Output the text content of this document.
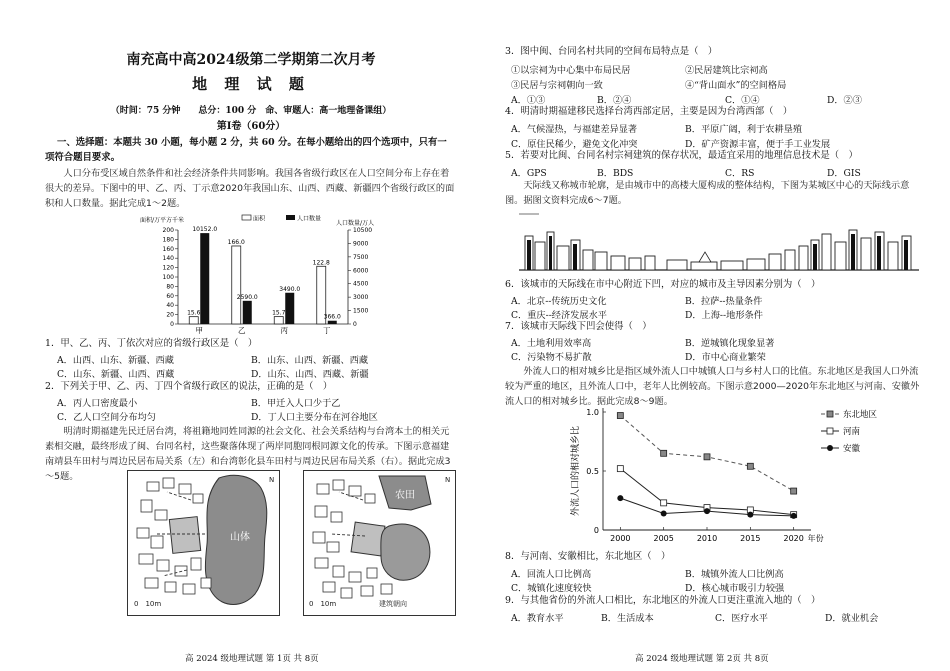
南充高中高2024级第二学期第二次月考
地 理 试 题
（时间：75 分钟　　总分：100 分　命、审题人：高一地理备课组）
第Ⅰ卷（60分）
一、选择题：本题共 30 小题，每小题 2 分，共 60 分。在每小题给出的四个选项中，只有一
项符合题目要求。
人口分布受区域自然条件和社会经济条件共同影响。我国各省级行政区在人口空间分布上存在着很大的差异。下图中的甲、乙、丙、丁示意2020年我国山东、山西、西藏、新疆四个省级行政区的面积和人口数量。据此完成1～2题。
面积/万平方千米	人口数量/万人
面积	人口数量
0
20
40
60
80
100
120
140
160
180
200
0
1500
3000
4500
6000
7500
9000
10500
15.6
10152.0
甲
166.0
2590.0
乙
15.7
3490.0
丙
122.8
366.0
丁
1．甲、乙、丙、丁依次对应的省级行政区是（　）
A．山西、山东、新疆、西藏	B．山东、山西、新疆、西藏
C．山东、新疆、山西、西藏	D．山东、山西、西藏、新疆
2．下列关于甲、乙、丙、丁四个省级行政区的说法，正确的是（　）
A．丙人口密度最小	B．甲迁入人口少于乙
C．乙人口空间分布均匀	D．丁人口主要分布在河谷地区
明清时期福建先民迁居台湾，将祖籍地同姓同源的社会文化、社会关系结构与台湾本土的相关元素相交融，最终形成了闽、台同名村，这些聚落体现了两岸同胞同根同源文化的传承。下图示意福建南靖县车田村与周边民居布局关系（左）和台湾彰化县车田村与周边民居布局关系（右）。据此完成3～5题。
山体
0　10m
N
农田
0　10m	建筑朝向
N
高 2024 级地理试题 第 1页 共 8页
3．图中闽、台同名村共同的空间布局特点是（　）
①以宗祠为中心集中布局民居	②民居建筑比宗祠高
③民居与宗祠朝向一致	④“背山面水”的空间格局
A．①③	B．②④	C．①④	D．②③
4．明清时期福建移民选择台湾西部定居，主要是因为台湾西部（　）
A．气候湿热，与福建差异显著	B．平原广阔，利于农耕垦殖
C．原住民稀少，避免文化冲突	D．矿产资源丰富，便于手工业发展
5．若要对比闽、台同名村宗祠建筑的保存状况，最适宜采用的地理信息技术是（　）
A．GPS	B．BDS	C．RS	D．GIS
天际线又称城市轮廓，是由城市中的高楼大厦构成的整体结构，下图为某城区中心的天际线示意图。据图文资料完成6～7题。
6．该城市的天际线在市中心附近下凹，对应的城市及主导因素分别为（　）
A．北京--传统历史文化	B．拉萨--热量条件
C．重庆--经济发展水平	D．上海--地形条件
7．该城市天际线下凹会使得（　）
A．土地利用效率高	B．逆城镇化现象显著
C．污染物不易扩散	D．市中心商业繁荣
外流人口的相对城乡比是指区域外流人口中城镇人口与乡村人口的比值。东北地区是我国人口外流较为严重的地区，且外流人口中，老年人比例较高。下图示意2000—2020年东北地区与河南、安徽外流人口的相对城乡比。据此完成8～9题。
外流人口的相对城乡比
0
0.5
1.0
2000	2005	2010	2015	2020 年份
东北地区
河南
安徽
8．与河南、安徽相比，东北地区（　）
A．回流人口比例高	B．城镇外流人口比例高
C．城镇化速度较快	D．核心城市吸引力较强
9．与其他省份的外流人口相比，东北地区的外流人口更注重流入地的（　）
A．教育水平	B．生活成本	C．医疗水平	D．就业机会
高 2024 级地理试题 第 2页 共 8页
